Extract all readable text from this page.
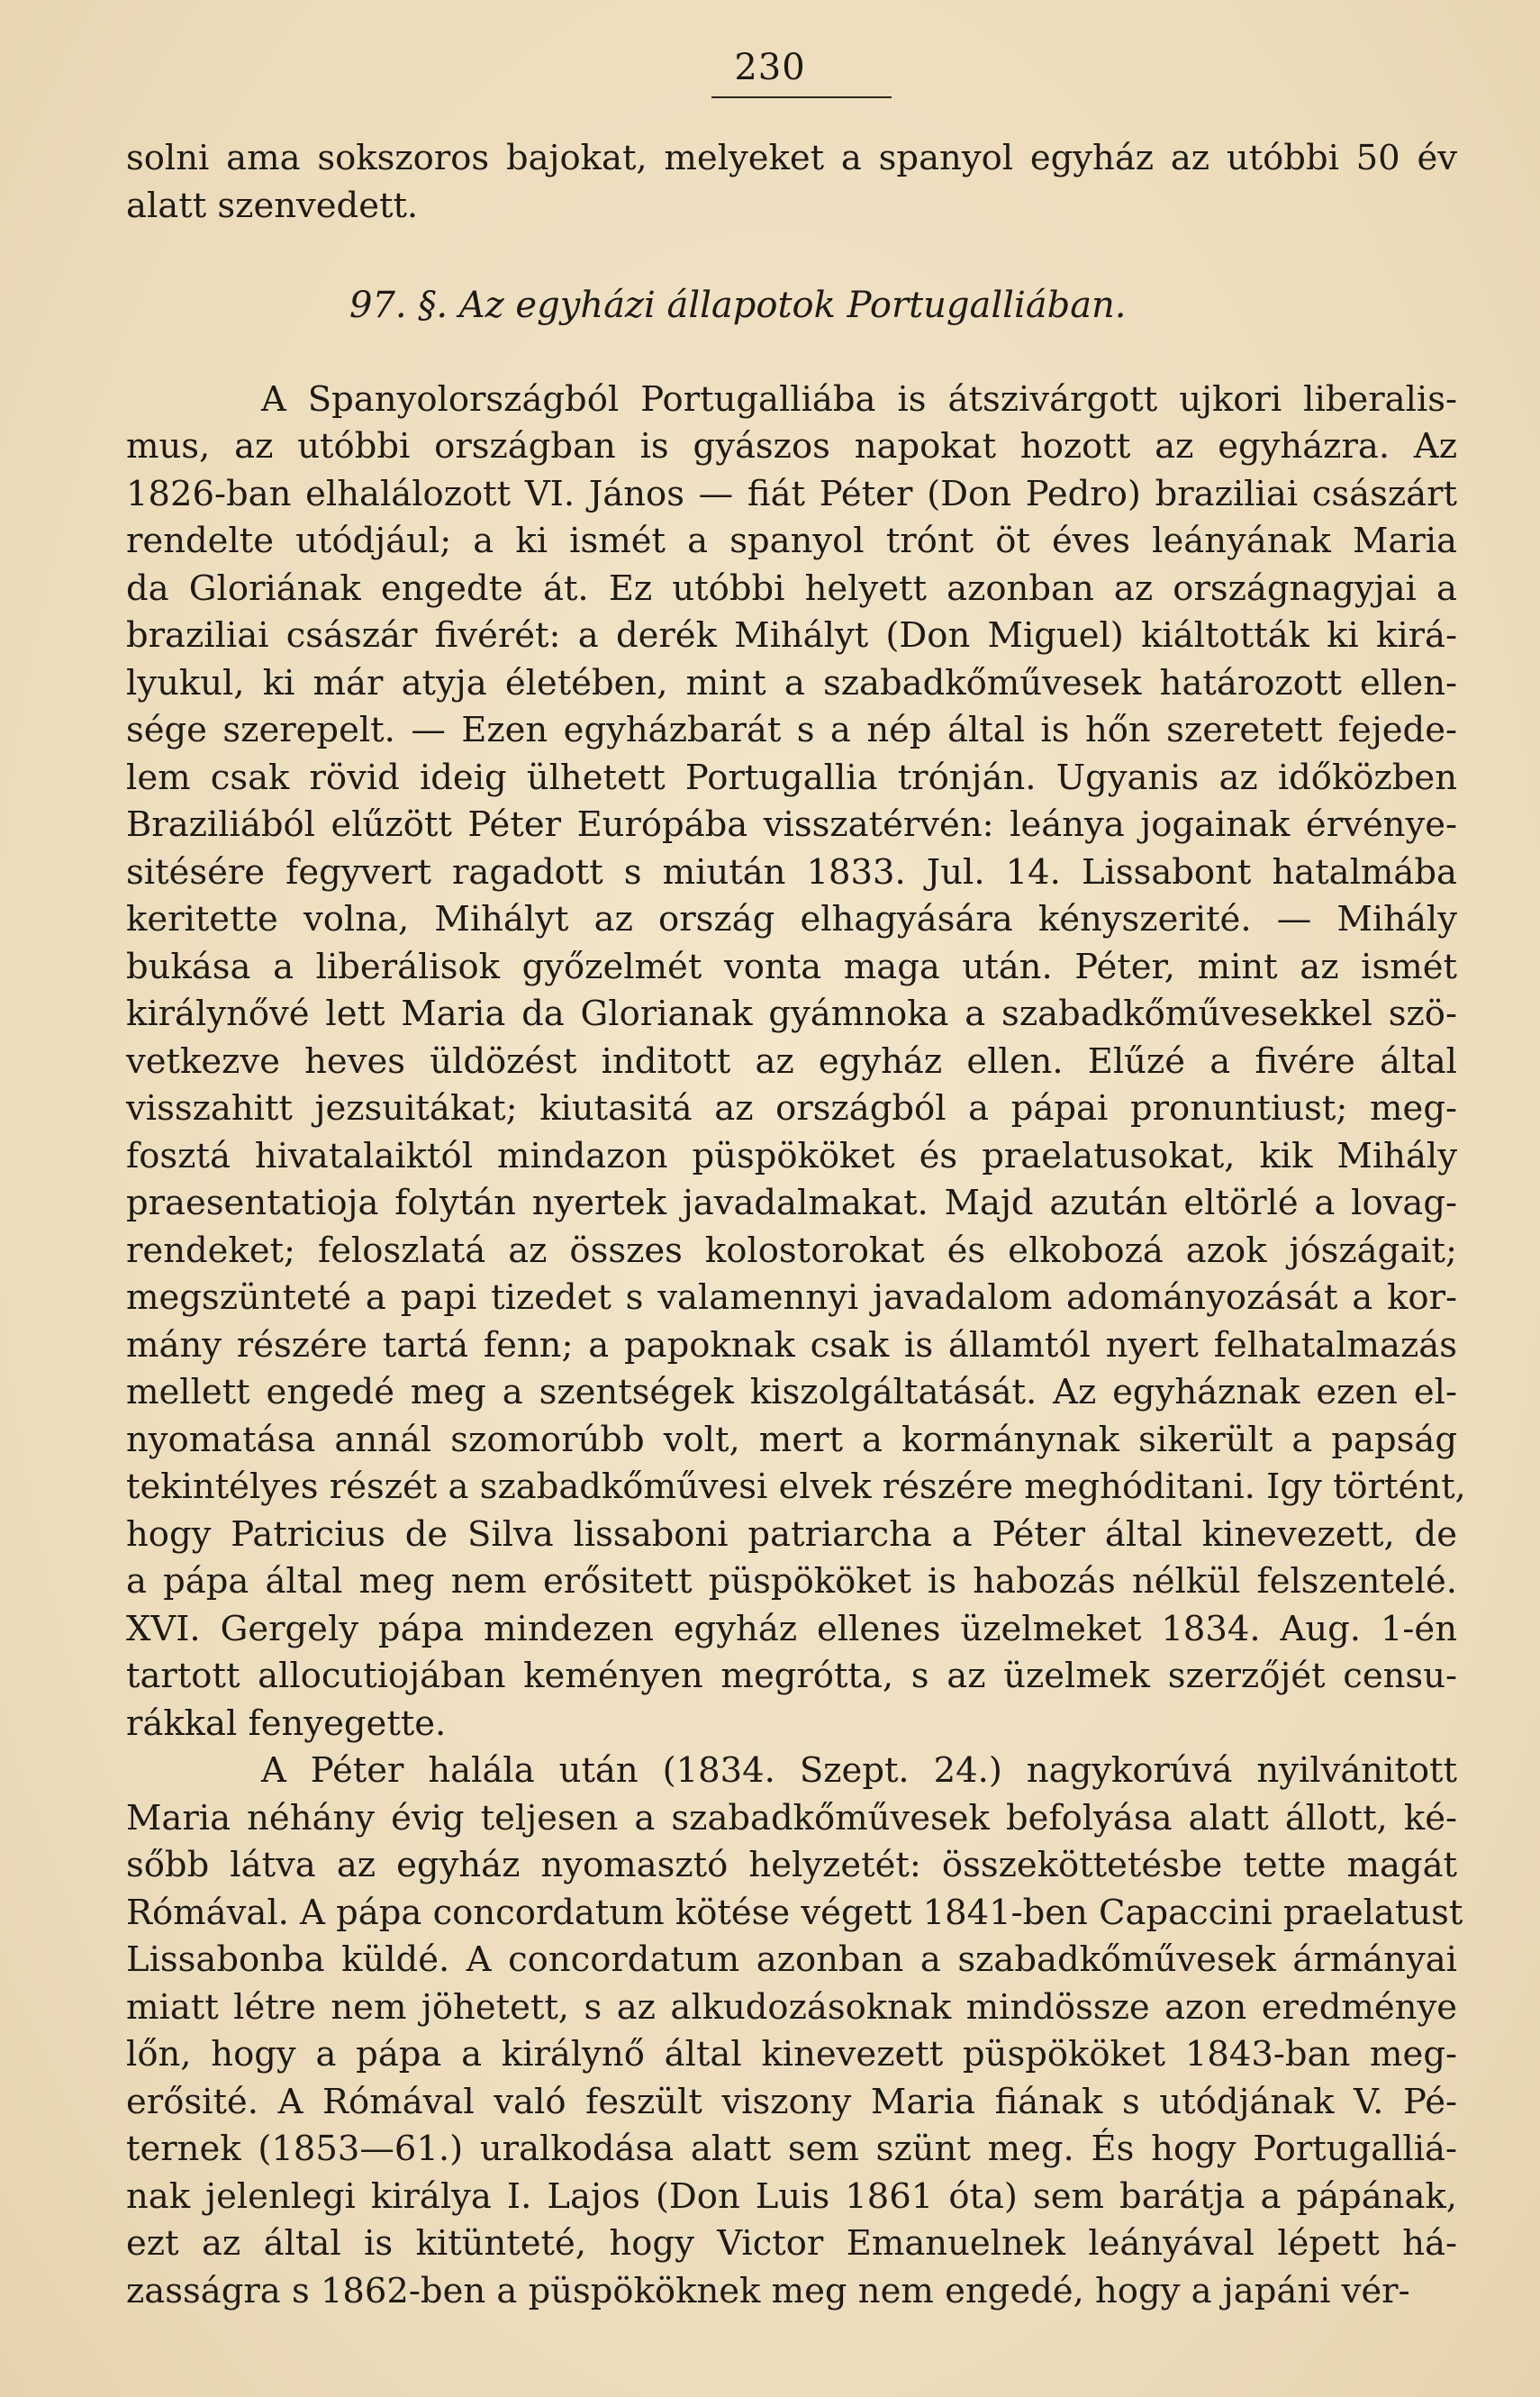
230
solni ama sokszoros bajokat, melyeket a spanyol egyház az utóbbi 50 év
alatt szenvedett.
97. §. Az egyházi állapotok Portugalliában.
A Spanyolországból Portugalliába is átszivárgott ujkori liberalis-
mus, az utóbbi országban is gyászos napokat hozott az egyházra. Az
1826-ban elhalálozott VI. János — fiát Péter (Don Pedro) braziliai császárt
rendelte utódjául; a ki ismét a spanyol trónt öt éves leányának Maria
da Gloriának engedte át. Ez utóbbi helyett azonban az országnagyjai a
braziliai császár fivérét: a derék Mihályt (Don Miguel) kiáltották ki kirá-
lyukul, ki már atyja életében, mint a szabadkőművesek határozott ellen-
sége szerepelt. — Ezen egyházbarát s a nép által is hőn szeretett fejede-
lem csak rövid ideig ülhetett Portugallia trónján. Ugyanis az időközben
Braziliából elűzött Péter Európába visszatérvén: leánya jogainak érvénye-
sitésére fegyvert ragadott s miután 1833. Jul. 14. Lissabont hatalmába
keritette volna, Mihályt az ország elhagyására kényszerité. — Mihály
bukása a liberálisok győzelmét vonta maga után. Péter, mint az ismét
királynővé lett Maria da Glorianak gyámnoka a szabadkőművesekkel szö-
vetkezve heves üldözést inditott az egyház ellen. Elűzé a fivére által
visszahitt jezsuitákat; kiutasitá az országból a pápai pronuntiust; meg-
fosztá hivatalaiktól mindazon püspököket és praelatusokat, kik Mihály
praesentatioja folytán nyertek javadalmakat. Majd azután eltörlé a lovag-
rendeket; feloszlatá az összes kolostorokat és elkobozá azok jószágait;
megszünteté a papi tizedet s valamennyi javadalom adományozását a kor-
mány részére tartá fenn; a papoknak csak is államtól nyert felhatalmazás
mellett engedé meg a szentségek kiszolgáltatását. Az egyháznak ezen el-
nyomatása annál szomorúbb volt, mert a kormánynak sikerült a papság
tekintélyes részét a szabadkőművesi elvek részére meghóditani. Igy történt,
hogy Patricius de Silva lissaboni patriarcha a Péter által kinevezett, de
a pápa által meg nem erősitett püspököket is habozás nélkül felszentelé.
XVI. Gergely pápa mindezen egyház ellenes üzelmeket 1834. Aug. 1-én
tartott allocutiojában keményen megrótta, s az üzelmek szerzőjét censu-
rákkal fenyegette.
A Péter halála után (1834. Szept. 24.) nagykorúvá nyilvánitott
Maria néhány évig teljesen a szabadkőművesek befolyása alatt állott, ké-
sőbb látva az egyház nyomasztó helyzetét: összeköttetésbe tette magát
Rómával. A pápa concordatum kötése végett 1841-ben Capaccini praelatust
Lissabonba küldé. A concordatum azonban a szabadkőművesek ármányai
miatt létre nem jöhetett, s az alkudozásoknak mindössze azon eredménye
lőn, hogy a pápa a királynő által kinevezett püspököket 1843-ban meg-
erősité. A Rómával való feszült viszony Maria fiának s utódjának V. Pé-
ternek (1853—61.) uralkodása alatt sem szünt meg. És hogy Portugalliá-
nak jelenlegi királya I. Lajos (Don Luis 1861 óta) sem barátja a pápának,
ezt az által is kitünteté, hogy Victor Emanuelnek leányával lépett há-
zasságra s 1862-ben a püspököknek meg nem engedé, hogy a japáni vér-
